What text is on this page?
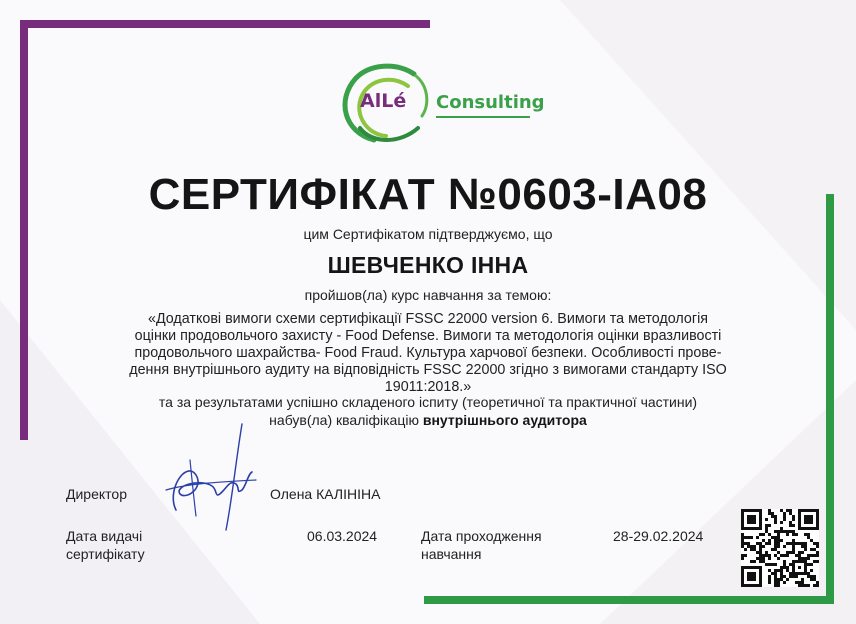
AlLé Consulting
СЕРТИФІКАТ №0603-IA08
цим Сертифікатом підтверджуємо, що
ШЕВЧЕНКО ІННА
пройшов(ла) курс навчання за темою:
«Додаткові вимоги схеми сертифікації FSSC 22000 version 6. Вимоги та методологія
оцінки продовольчого захисту - Food Defense. Вимоги та методологія оцінки вразливості
продовольчого шахрайства- Food Fraud. Культура харчової безпеки. Особливості прове-
дення внутрішнього аудиту на відповідність FSSC 22000 згідно з вимогами стандарту ISO
19011:2018.»
та за результатами успішно складеного іспиту (теоретичної та практичної частини)
набув(ла) кваліфікацію внутрішнього аудитора
Директор	Олена КАЛІНІНА
Дата видачі
сертифікату
06.03.2024	Дата проходження
навчання
28-29.02.2024
